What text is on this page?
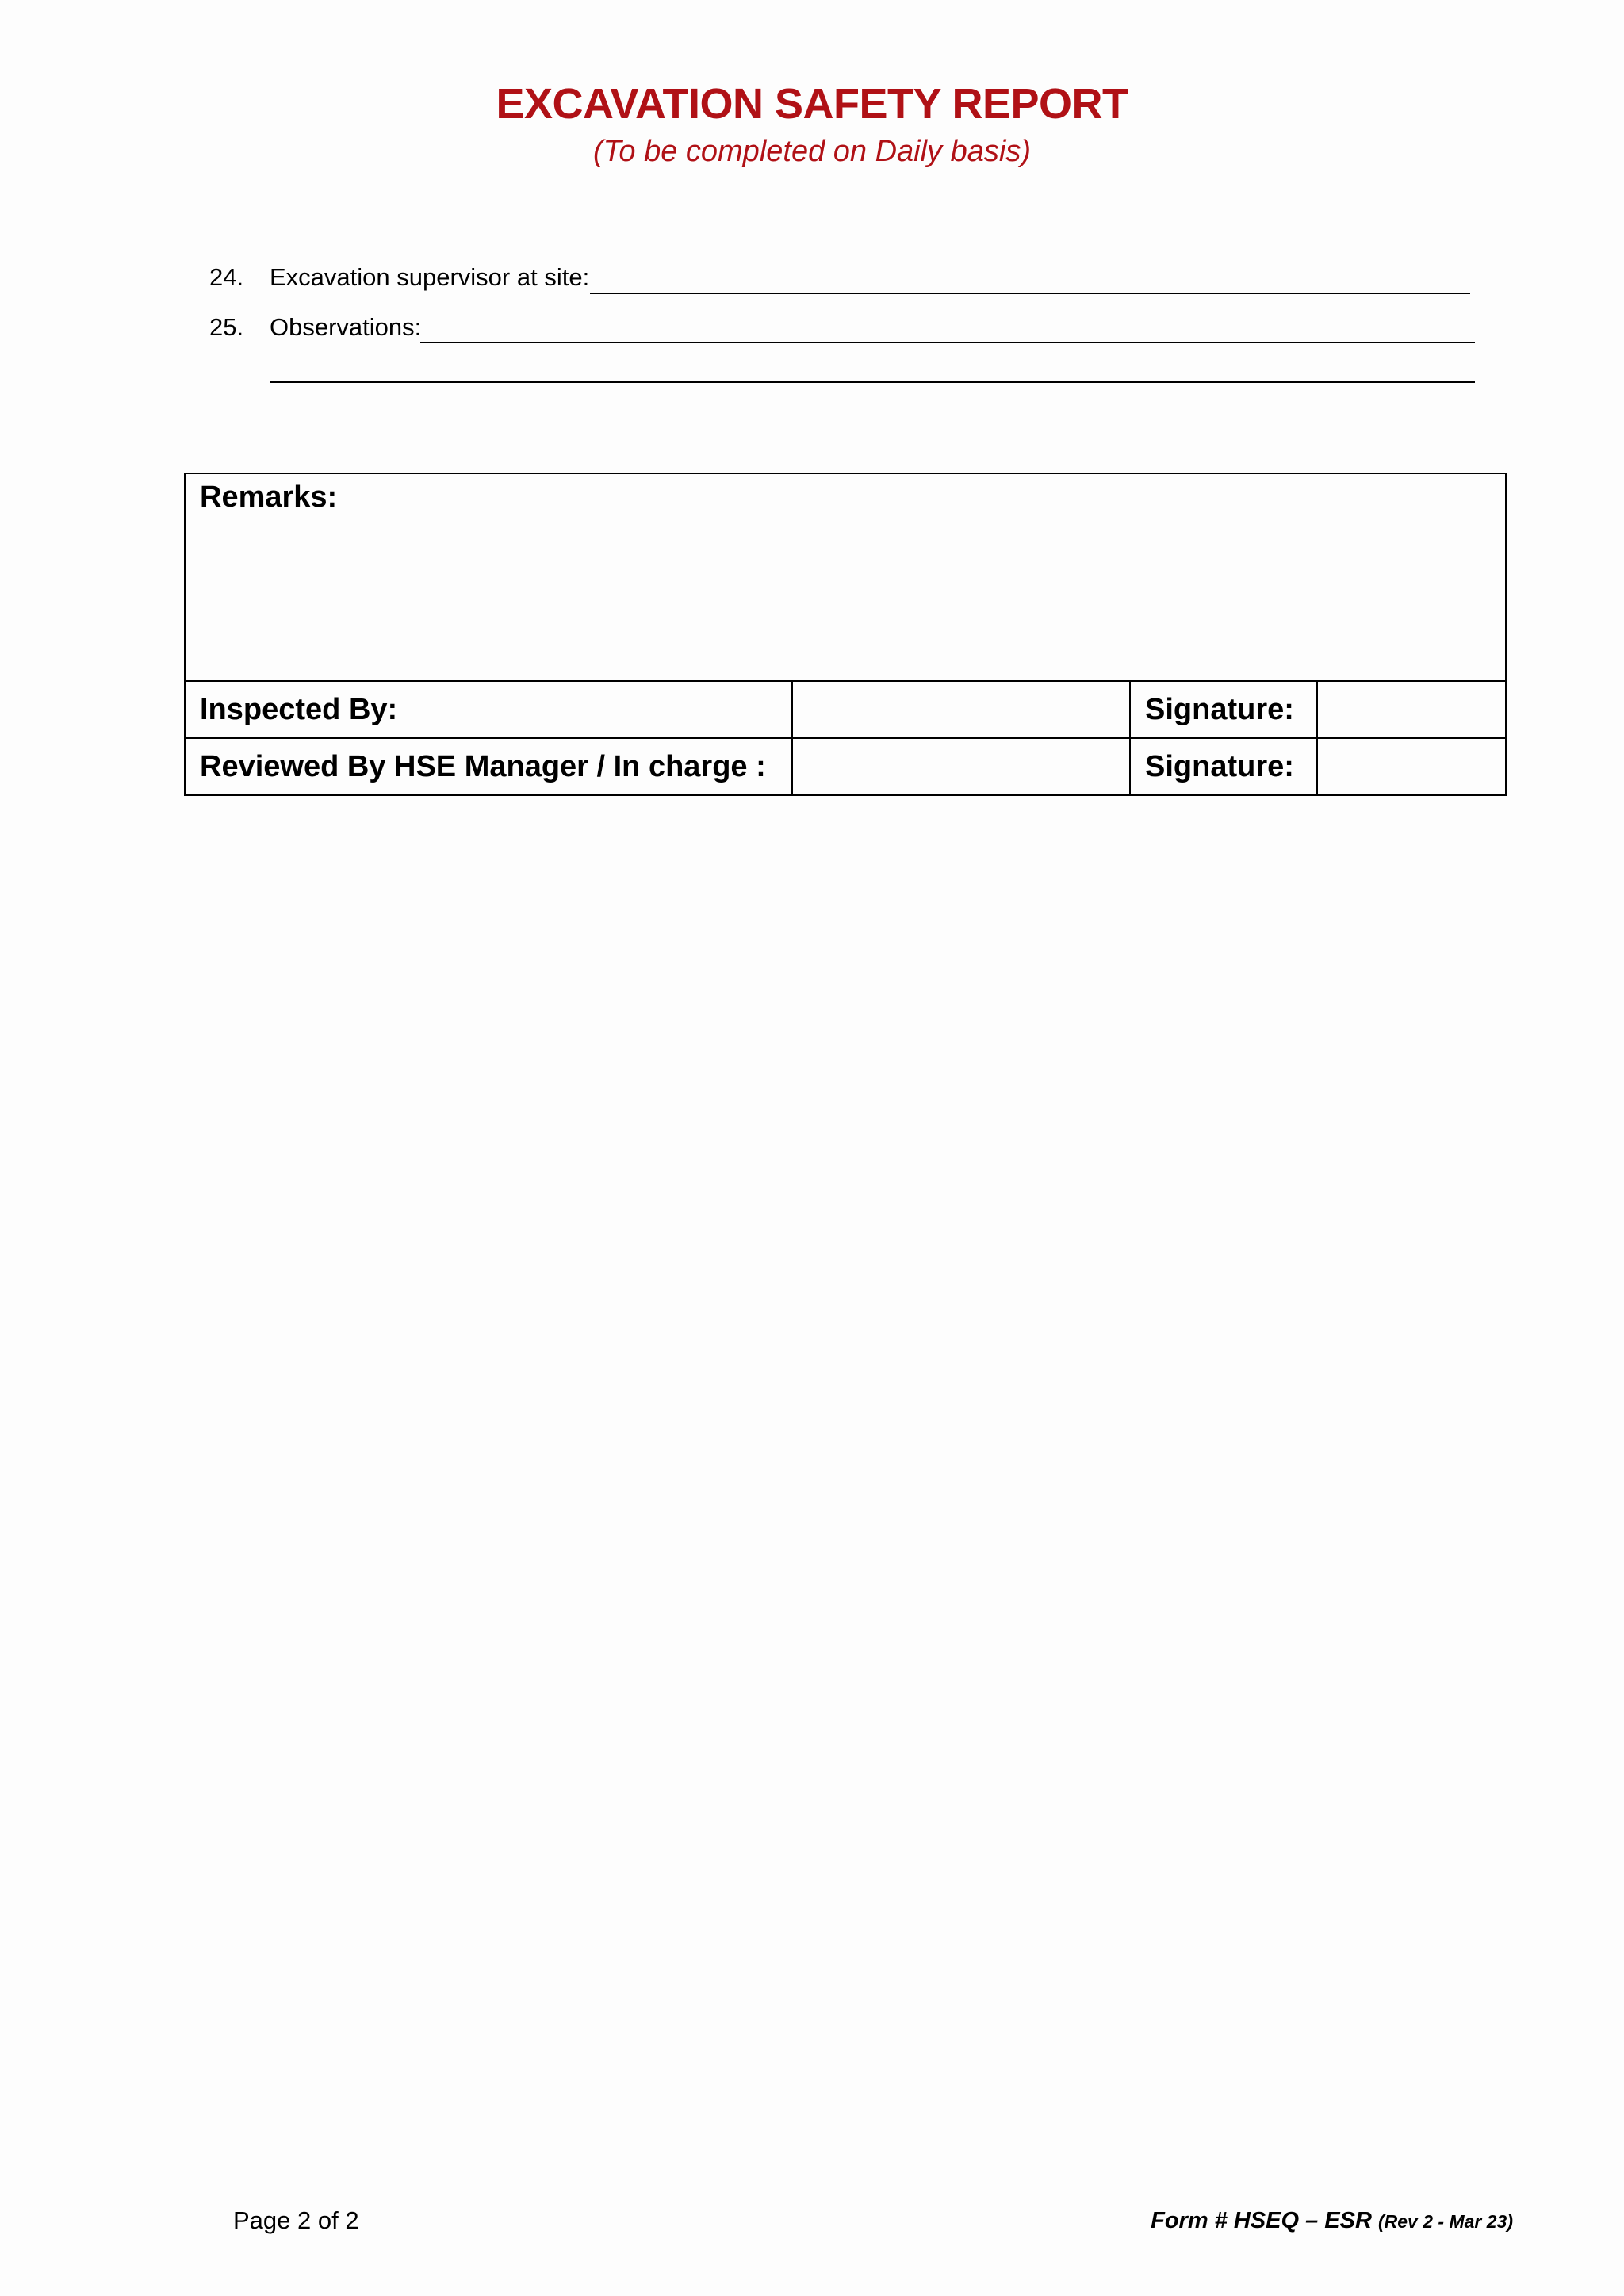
EXCAVATION SAFETY REPORT
(To be completed on Daily basis)
24. Excavation supervisor at site:
25. Observations:
Remarks:			
Inspected By:		Signature:	
Reviewed By HSE Manager / In charge :		Signature:	
Page 2 of 2	Form # HSEQ – ESR (Rev 2 - Mar 23)
